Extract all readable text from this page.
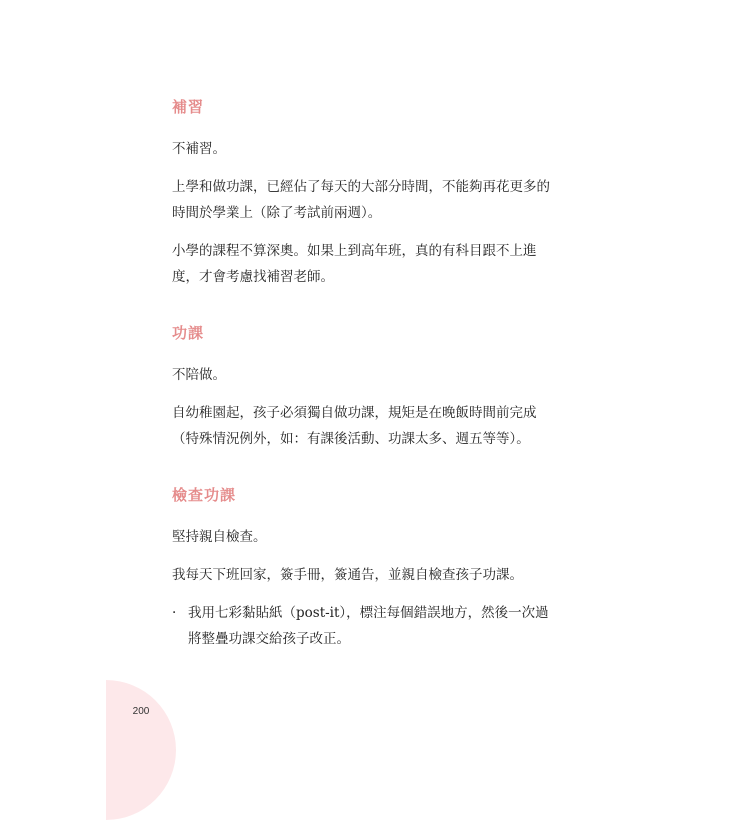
補習

不補習。

上學和做功課，已經佔了每天的大部分時間，不能夠再花更多的時間於學業上（除了考試前兩週）。

小學的課程不算深奧。如果上到高年班，真的有科目跟不上進度，才會考慮找補習老師。

功課

不陪做。

自幼稚園起，孩子必須獨自做功課，規矩是在晚飯時間前完成（特殊情況例外，如：有課後活動、功課太多、週五等等）。

檢查功課

堅持親自檢查。

我每天下班回家，簽手冊，簽通告，並親自檢查孩子功課。

· 我用七彩黏貼紙（post-it），標注每個錯誤地方，然後一次過將整疊功課交給孩子改正。
200
